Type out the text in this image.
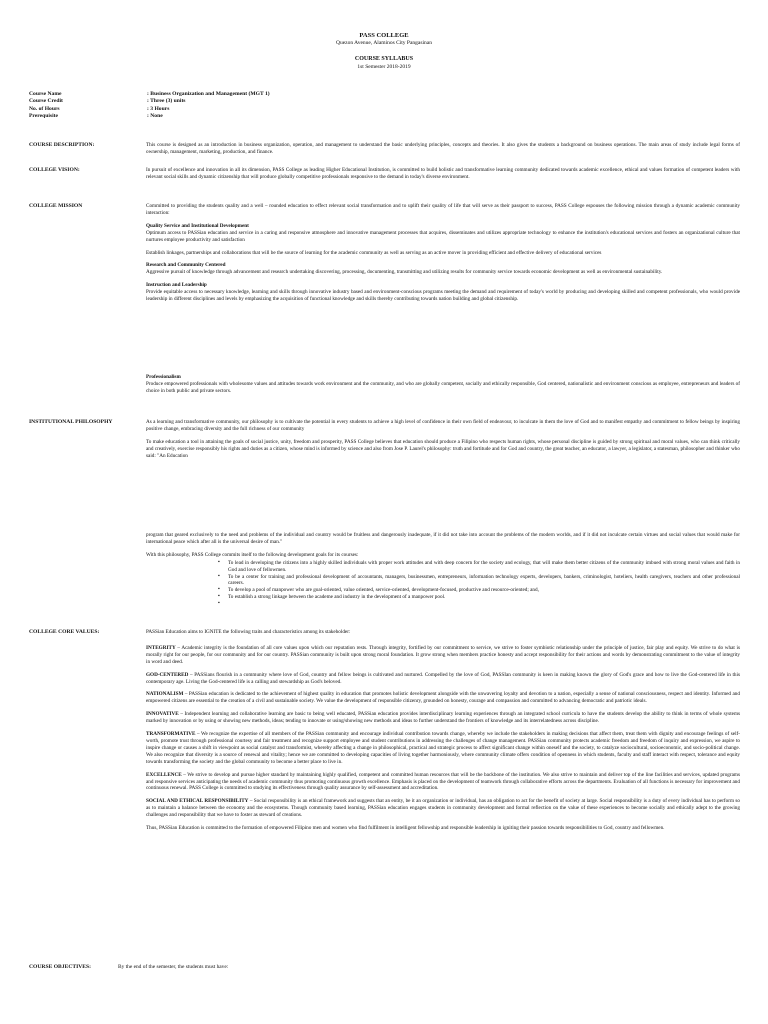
PASS COLLEGE
Quezon Avenue, Alaminos City Pangasinan
COURSE SYLLABUS
1st Semester 2018-2019
Course Name	: Business Organization and Management (MGT 1)
Course Credit	: Three (3) units
No. of Hours	: 3 Hours
Prerequisite	: None
COURSE DESCRIPTION:	This course is designed as an introduction in business organization, operation, and management to understand the basic underlying principles, concepts and theories. It also gives the students a background on business operations. The main areas of study include legal forms of ownership, management, marketing, production, and finance.

COLLEGE VISION:	In pursuit of excellence and innovation in all its dimension, PASS College as leading Higher Educational Institution, is committed to build holistic and transformative learning community dedicated towards academic excellence, ethical and values formation of competent leaders with relevant social skills and dynamic citizenship that will produce globally competitive professionals responsive to the demand in today's diverse environment.

COLLEGE MISSION	Committed to providing the students quality and a well – rounded education to effect relevant social transformation and to uplift their quality of life that will serve as their passport to success, PASS College espouses the following mission through a dynamic academic community interaction:

Quality Service and Institutional Development

Optimum access to PASSian education and service in a caring and responsive atmosphere and innovative management processes that acquires, disseminates and utilizes appropriate technology to enhance the institution's educational services and fosters an organizational culture that nurtures employee productivity and satisfaction

Establish linkages, partnerships and collaborations that will be the source of learning for the academic community as well as serving as an active mover in providing efficient and effective delivery of educational services

Research and Community Centered

Aggressive pursuit of knowledge through advancement and research undertaking discovering, processing, documenting, transmitting and utilizing results for community service towards economic development as well as environmental sustainability.

Instruction and Leadership

Provide equitable access to necessary knowledge, learning and skills through innovative industry based and environment-conscious programs meeting the demand and requirement of today's world by producing and developing skilled and competent professionals, who would provide leadership in different disciplines and levels by emphasizing the acquisition of functional knowledge and skills thereby contributing towards nation building and global citizenship.

Professionalism

Produce empowered professionals with wholesome values and attitudes towards work environment and the community, and who are globally competent, socially and ethically responsible, God centered, nationalistic and environment conscious as employee, entrepreneurs and leaders of choice in both public and private sectors.

INSTITUTIONAL PHILOSOPHY	As a learning and transformative community, our philosophy is to cultivate the potential in every students to achieve a high level of confidence in their own field of endeavour, to inculcate in them the love of God and to manifest empathy and commitment to fellow beings by inspiring positive change, embracing diversity and the full richness of our community

To make education a tool in attaining the goals of social justice, unity, freedom and prosperity, PASS College believes that education should produce a Filipino who respects human rights, whose personal discipline is guided by strong spiritual and moral values, who can think critically and creatively, exercise responsibly his rights and duties as a citizen, whose mind is informed by science and also from Jose P. Laurel's philosophy: truth and fortitude and for God and country, the great teacher, an educator, a lawyer, a legislator, a statesman, philosopher and thinker who said: "An Education

program that geared exclusively to the need and problems of the individual and country would be fruitless and dangerously inadequate, if it did not take into account the problems of the modern worlds, and if it did not inculcate certain virtues and social values that would make for international peace which after all is the universal desire of man."

With this philosophy, PASS College commits itself to the following development goals for its courses:

▪ To lead in developing the citizens into a highly skilled individuals with proper work attitudes and with deep concern for the society and ecology, that will make them better citizens of the community imbued with strong moral values and faith in God and love of fellowmen.
▪ To be a center for training and professional development of accountants, managers, businessmen, entrepreneurs, information technology experts, developers, bankers, criminologist, hoteliers, health caregivers, teachers and other professional careers.
▪ To develop a pool of manpower who are goal-oriented, value oriented, service-oriented, development-focused, productive and resource-oriented; and,
▪ To establish a strong linkage between the academe and industry in the development of a manpower pool.
▪
COLLEGE CORE VALUES:	PASSian Education aims to IGNITE the following traits and characteristics among its stakeholder:

INTEGRITY – Academic integrity is the foundation of all core values upon which our reputation rests. Through integrity, fortified by our commitment to service, we strive to foster symbiotic relationship under the principle of justice, fair play and equity. We strive to do what is morally right for our people, for our community and for our country. PASSian community is built upon strong moral foundation. It grow strong when members practice honesty and accept responsibility for their actions and words by demonstrating commitment to the value of integrity in word and deed.

GOD-CENTERED – PASSians flourish in a community where love of God, country and fellow beings is cultivated and nurtured. Compelled by the love of God, PASSIan community is keen in making known the glory of God's grace and how to live the God-centered life in this contemporary age. Living the God-centered life is a calling and stewardship as God's beloved.

NATIONALISM – PASSian education is dedicated to the achievement of highest quality in education that promotes holistic development alongside with the unwavering loyalty and devotion to a nation, especially a sense of national consciousness, respect and identity. Informed and empowered citizens are essential to the creation of a civil and sustainable society. We value the development of responsible citizenry, grounded on honesty, courage and compassion and committed to advancing democratic and patriotic ideals.

INNOVATIVE – Independent learning and collaborative learning are basic to being well educated, PASSian education provides interdisciplinary learning experiences through an integrated school curricula to have the students develop the ability to think in terms of whole systems marked by innovation or by using or showing new methods, ideas; tending to innovate or using/showing new methods and ideas to further understand the frontiers of knowledge and its interrelatedness across discipline.

TRANSFORMATIVE – We recognize the expertise of all members of the PASSian community and encourage individual contribution towards change, whereby we include the stakeholders in making decisions that affect them, treat them with dignity and encourage feelings of self-worth, promote trust through professional courtesy and fair treatment and recognize support employee and student contributions in addressing the challenges of change management. PASSian community protects academic freedom and freedom of inquiry and expression, we aspire to inspire change or causes a shift in viewpoint as social catalyst and transformist, whereby affecting a change in philosophical, practical and strategic process to affect significant change within oneself and the society, to catalyze sociocultural, socioeconomic, and socio-political change. We also recognize that diversity is a source of renewal and vitality; hence we are committed to developing capacities of living together harmoniously, where community climate offers condition of openness in which students, faculty and staff interact with respect, tolerance and equity towards transforming the society and the global community to become a better place to live in.

EXCELLENCE – We strive to develop and pursue higher standard by maintaining highly qualified, competent and committed human resources that will be the backbone of the institution. We also strive to maintain and deliver top of the line facilities and services, updated programs and responsive services anticipating the needs of academic community thus promoting continuous growth excellence. Emphasis is placed on the development of teamwork through collaborative efforts across the departments. Evaluation of all functions is necessary for improvement and continuous renewal. PASS College is committed to studying its effectiveness through quality assurance by self-assessment and accreditation.

SOCIAL AND ETHICAL RESPONSIBILITY – Social responsibility is an ethical framework and suggests that an entity, be it an organization or individual, has an obligation to act for the benefit of society at large. Social responsibility is a duty of every individual has to perform so as to maintain a balance between the economy and the ecosystems. Though community based learning, PASSian education engages students in community development and formal reflection on the value of these experiences to become socially and ethically adept to the growing challenges and responsibility that we have to foster as steward of creations.

Thus, PASSian Education is committed to the formation of empowered Filipino men and women who find fulfilment in intelligent fellowship and responsible leadership in igniting their passion towards responsibilities to God, country and fellowmen.

COURSE OBJECTIVES:	By the end of the semester, the students must have:
